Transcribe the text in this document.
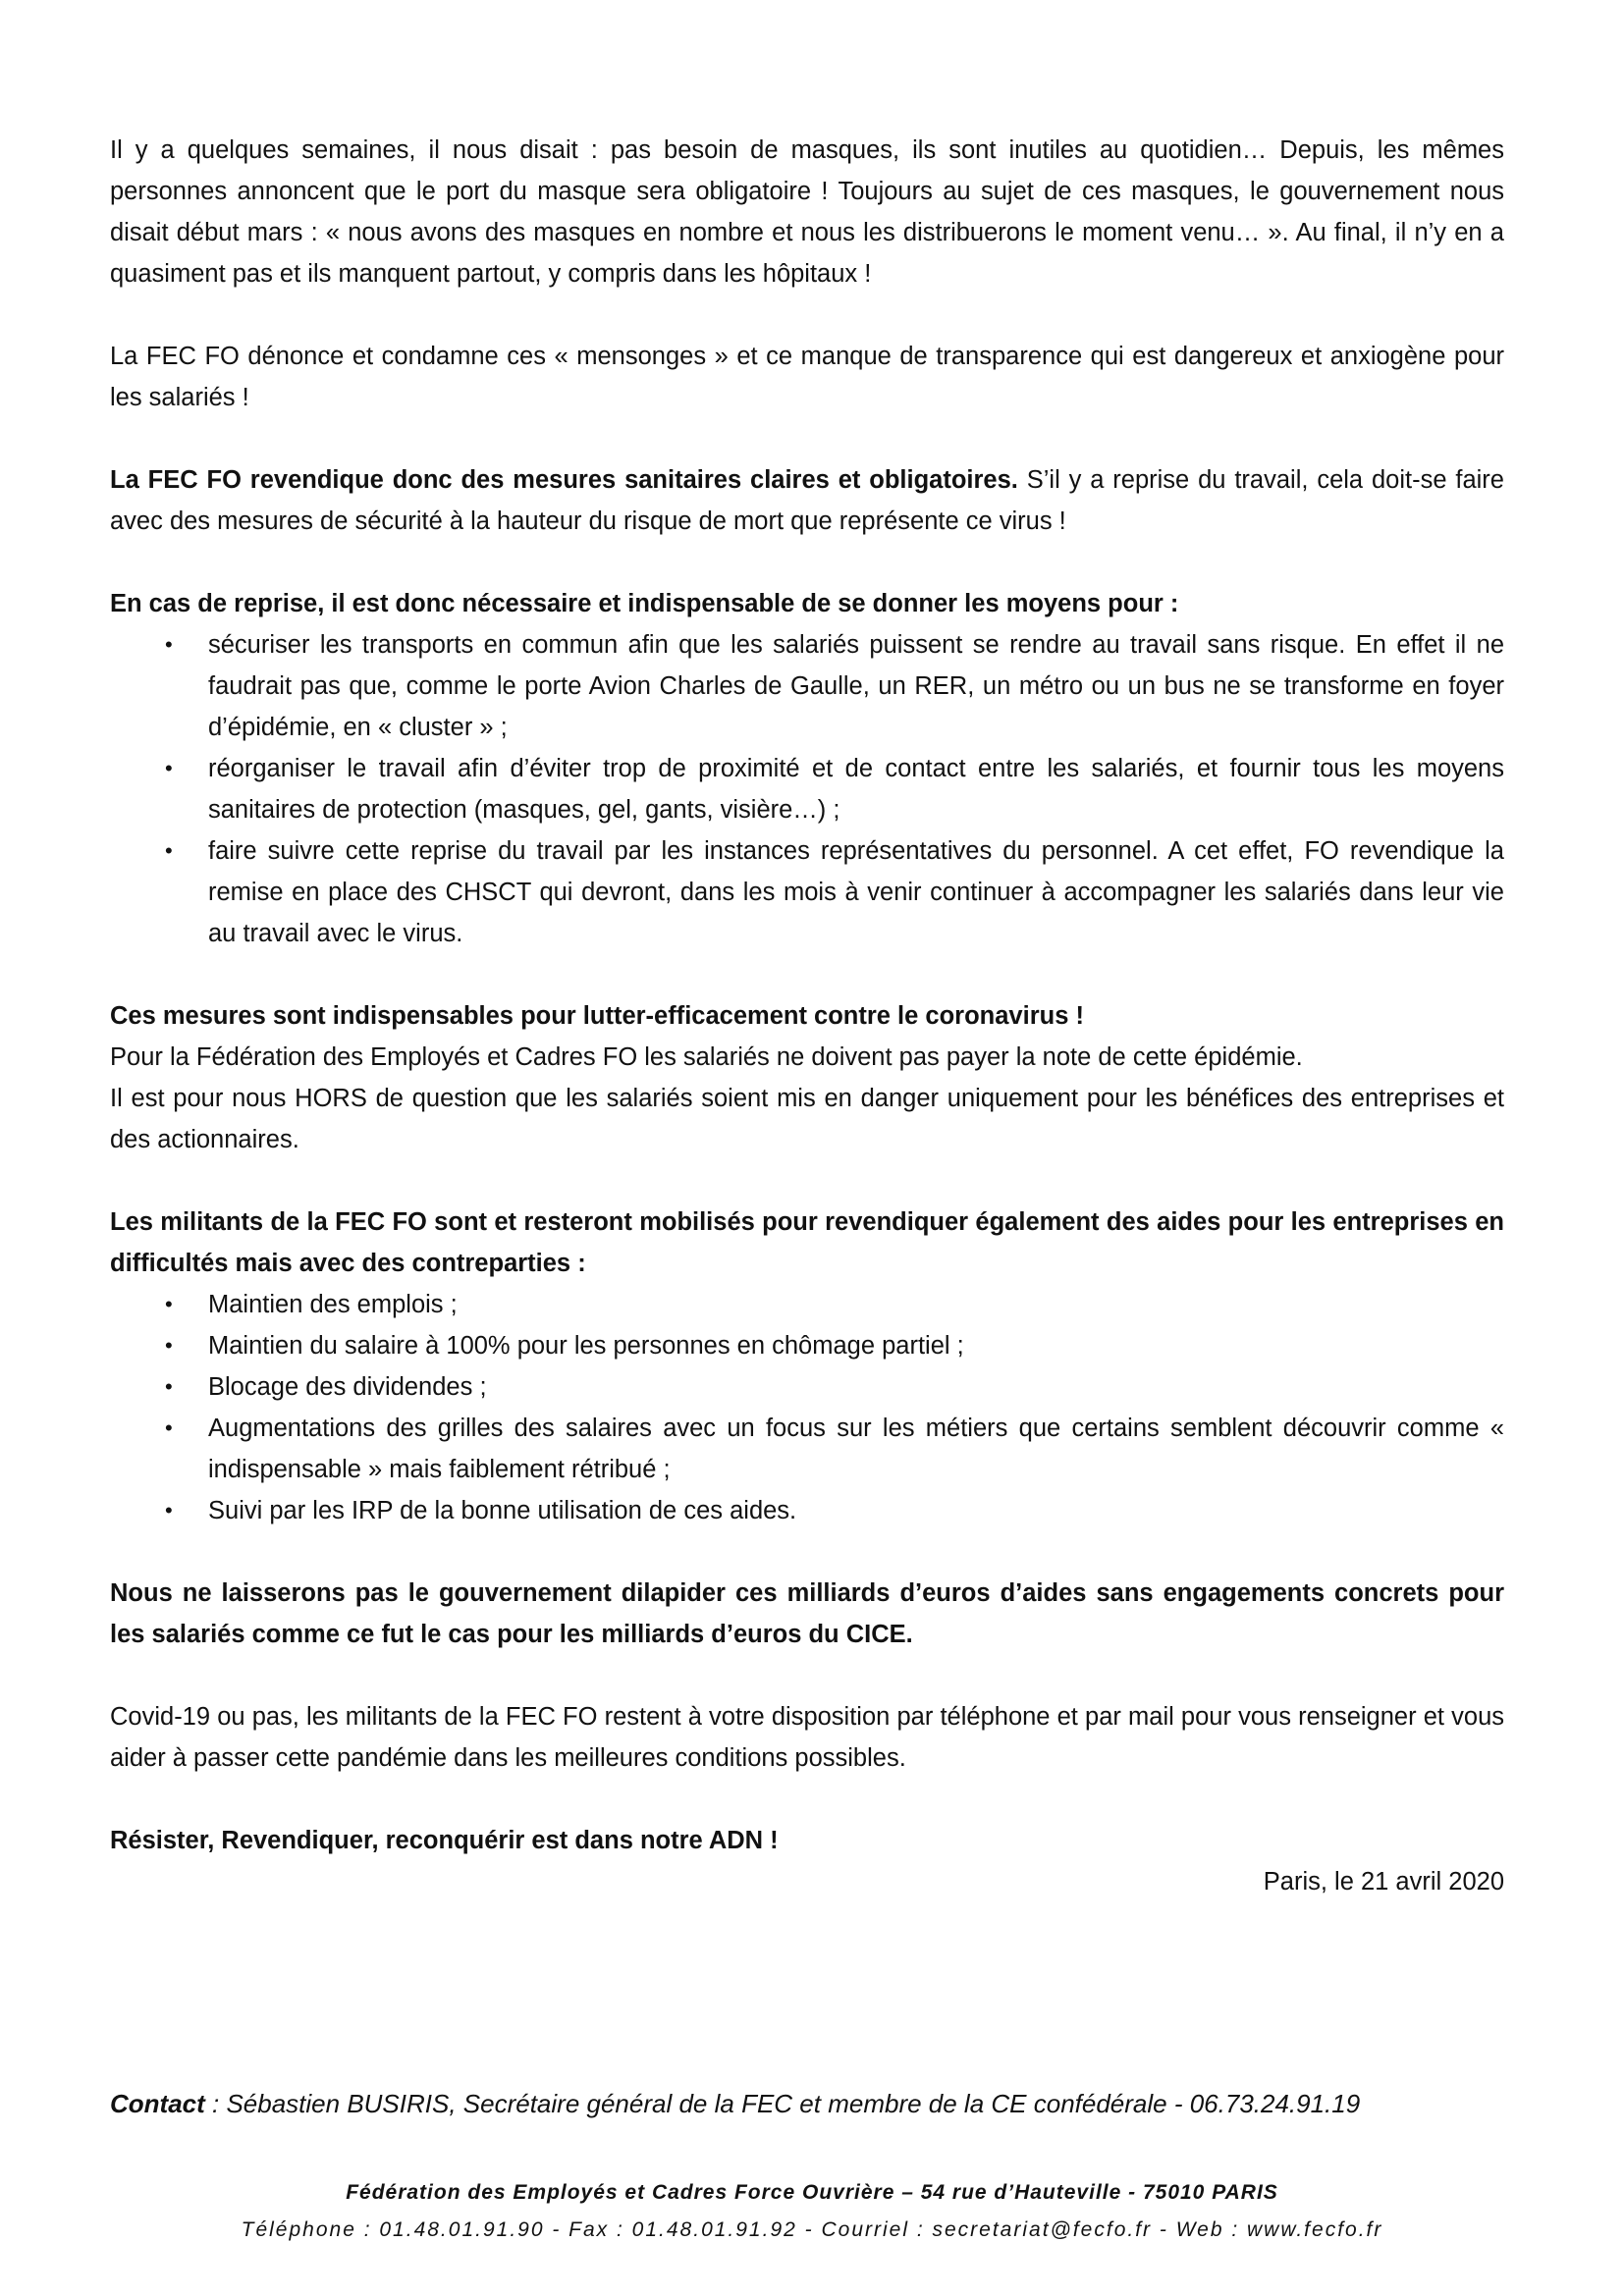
Il y a quelques semaines, il nous disait : pas besoin de masques, ils sont inutiles au quotidien… Depuis, les mêmes personnes annoncent que le port du masque sera obligatoire ! Toujours au sujet de ces masques, le gouvernement nous disait début mars : « nous avons des masques en nombre et nous les distribuerons le moment venu… ». Au final, il n’y en a quasiment pas et ils manquent partout, y compris dans les hôpitaux !

La FEC FO dénonce et condamne ces « mensonges » et ce manque de transparence qui est dangereux et anxiogène pour les salariés !

La FEC FO revendique donc des mesures sanitaires claires et obligatoires. S’il y a reprise du travail, cela doit-se faire avec des mesures de sécurité à la hauteur du risque de mort que représente ce virus !

En cas de reprise, il est donc nécessaire et indispensable de se donner les moyens pour :

• sécuriser les transports en commun afin que les salariés puissent se rendre au travail sans risque. En effet il ne faudrait pas que, comme le porte Avion Charles de Gaulle, un RER, un métro ou un bus ne se transforme en foyer d’épidémie, en « cluster » ;
• réorganiser le travail afin d’éviter trop de proximité et de contact entre les salariés, et fournir tous les moyens sanitaires de protection (masques, gel, gants, visière…) ;
• faire suivre cette reprise du travail par les instances représentatives du personnel. A cet effet, FO revendique la remise en place des CHSCT qui devront, dans les mois à venir continuer à accompagner les salariés dans leur vie au travail avec le virus.

Ces mesures sont indispensables pour lutter-efficacement contre le coronavirus !

Pour la Fédération des Employés et Cadres FO les salariés ne doivent pas payer la note de cette épidémie.

Il est pour nous HORS de question que les salariés soient mis en danger uniquement pour les bénéfices des entreprises et des actionnaires.

Les militants de la FEC FO sont et resteront mobilisés pour revendiquer également des aides pour les entreprises en difficultés mais avec des contreparties :

• Maintien des emplois ;
• Maintien du salaire à 100% pour les personnes en chômage partiel ;
• Blocage des dividendes ;
• Augmentations des grilles des salaires avec un focus sur les métiers que certains semblent découvrir comme « indispensable » mais faiblement rétribué ;
• Suivi par les IRP de la bonne utilisation de ces aides.

Nous ne laisserons pas le gouvernement dilapider ces milliards d’euros d’aides sans engagements concrets pour les salariés comme ce fut le cas pour les milliards d’euros du CICE.

Covid-19 ou pas, les militants de la FEC FO restent à votre disposition par téléphone et par mail pour vous renseigner et vous aider à passer cette pandémie dans les meilleures conditions possibles.

Résister, Revendiquer, reconquérir est dans notre ADN !

Paris, le 21 avril 2020

Contact : Sébastien BUSIRIS, Secrétaire général de la FEC et membre de la CE confédérale - 06.73.24.91.19
Fédération des Employés et Cadres Force Ouvrière – 54 rue d’Hauteville - 75010 PARIS
Téléphone : 01.48.01.91.90 - Fax : 01.48.01.91.92 - Courriel : secretariat@fecfo.fr - Web : www.fecfo.fr
